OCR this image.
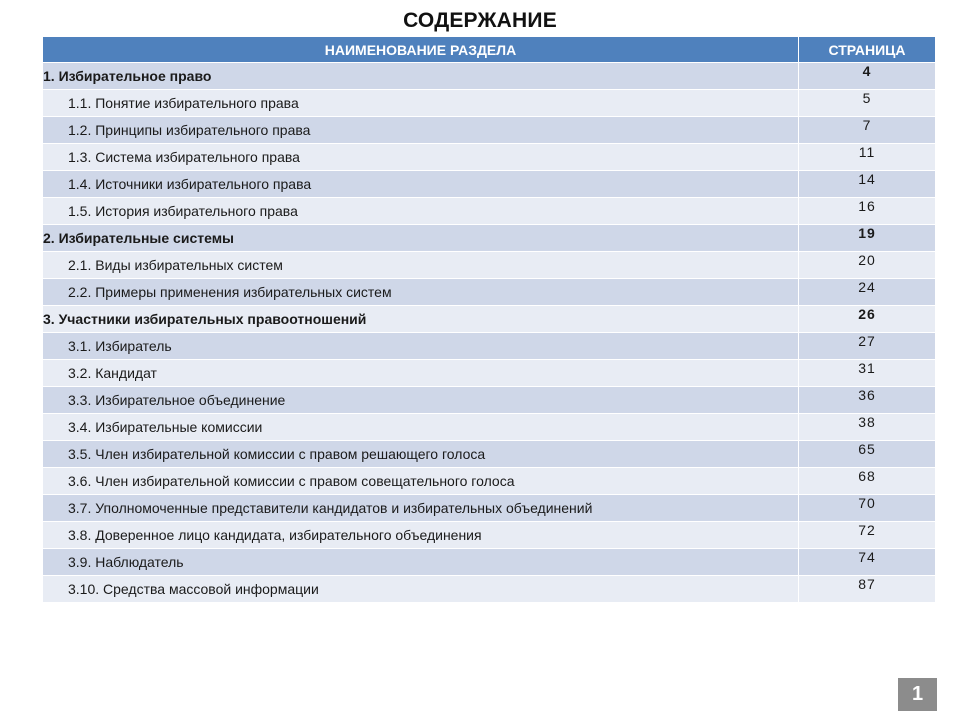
СОДЕРЖАНИЕ
НАИМЕНОВАНИЕ РАЗДЕЛА	СТРАНИЦА
1. Избирательное право	4
1.1. Понятие избирательного права	5
1.2. Принципы избирательного права	7
1.3. Система избирательного права	11
1.4. Источники избирательного права	14
1.5. История избирательного права	16
2. Избирательные системы	19
2.1. Виды избирательных систем	20
2.2. Примеры применения избирательных систем	24
3. Участники избирательных правоотношений	26
3.1. Избиратель	27
3.2. Кандидат	31
3.3. Избирательное объединение	36
3.4. Избирательные комиссии	38
3.5. Член избирательной комиссии с правом решающего голоса	65
3.6. Член избирательной комиссии с правом совещательного голоса	68
3.7. Уполномоченные представители кандидатов и избирательных объединений	70
3.8. Доверенное лицо кандидата, избирательного объединения	72
3.9. Наблюдатель	74
3.10. Средства массовой информации	87
1
